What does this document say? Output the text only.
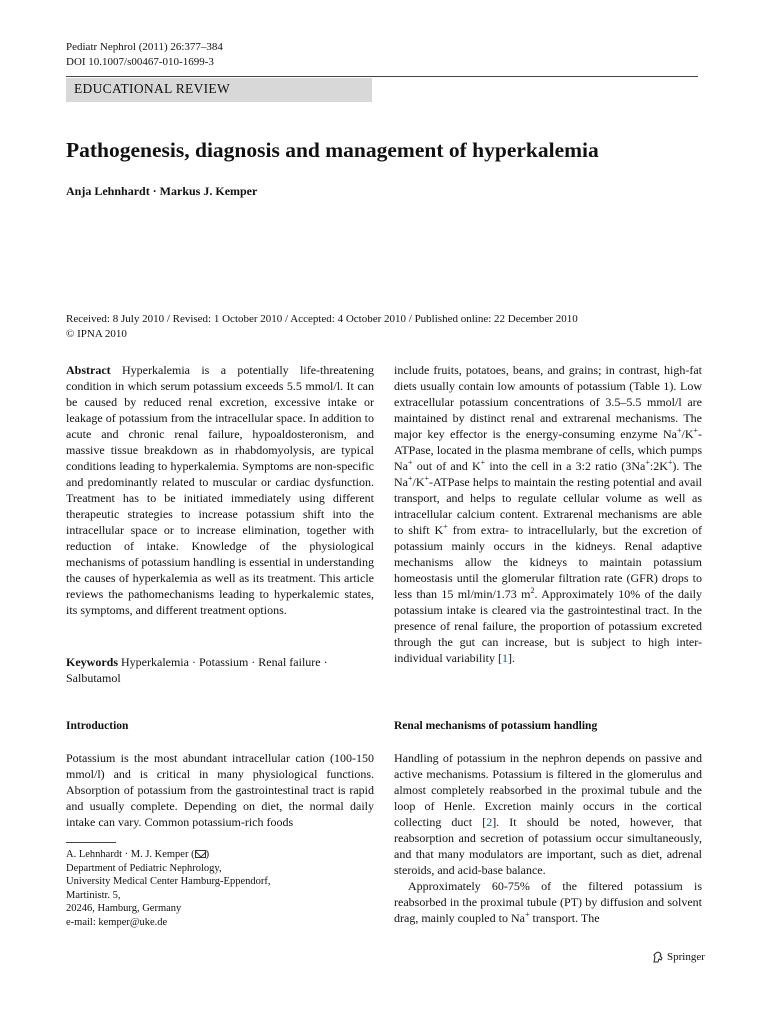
Pediatr Nephrol (2011) 26:377–384
DOI 10.1007/s00467-010-1699-3
EDUCATIONAL REVIEW
Pathogenesis, diagnosis and management of hyperkalemia
Anja Lehnhardt · Markus J. Kemper
Received: 8 July 2010 / Revised: 1 October 2010 / Accepted: 4 October 2010 / Published online: 22 December 2010
© IPNA 2010

Abstract Hyperkalemia is a potentially life-threatening condition in which serum potassium exceeds 5.5 mmol/l. It can be caused by reduced renal excretion, excessive intake or leakage of potassium from the intracellular space. In addition to acute and chronic renal failure, hypoaldosteronism, and massive tissue breakdown as in rhabdomyolysis, are typical conditions leading to hyperkalemia. Symptoms are non-specific and predominantly related to muscular or cardiac dysfunction. Treatment has to be initiated immediately using different therapeutic strategies to increase potassium shift into the intracellular space or to increase elimination, together with reduction of intake. Knowledge of the physiological mechanisms of potassium handling is essential in understanding the causes of hyperkalemia as well as its treatment. This article reviews the pathomechanisms leading to hyperkalemic states, its symptoms, and different treatment options.

Keywords Hyperkalemia · Potassium · Renal failure · Salbutamol

Introduction

Potassium is the most abundant intracellular cation (100-150 mmol/l) and is critical in many physiological functions. Absorption of potassium from the gastrointestinal tract is rapid and usually complete. Depending on diet, the normal daily intake can vary. Common potassium-rich foods

A. Lehnhardt · M. J. Kemper ( )
Department of Pediatric Nephrology,
University Medical Center Hamburg-Eppendorf,
Martinistr. 5,
20246, Hamburg, Germany
e-mail: kemper@uke.de

include fruits, potatoes, beans, and grains; in contrast, high-fat diets usually contain low amounts of potassium (Table 1). Low extracellular potassium concentrations of 3.5–5.5 mmol/l are maintained by distinct renal and extrarenal mechanisms. The major key effector is the energy-consuming enzyme Na+/K+-ATPase, located in the plasma membrane of cells, which pumps Na+ out of and K+ into the cell in a 3:2 ratio (3Na+:2K+). The Na+/K+-ATPase helps to maintain the resting potential and avail transport, and helps to regulate cellular volume as well as intracellular calcium content. Extrarenal mechanisms are able to shift K+ from extra- to intracellularly, but the excretion of potassium mainly occurs in the kidneys. Renal adaptive mechanisms allow the kidneys to maintain potassium homeostasis until the glomerular filtration rate (GFR) drops to less than 15 ml/min/1.73 $m^2$. Approximately 10% of the daily potassium intake is cleared via the gastrointestinal tract. In the presence of renal failure, the proportion of potassium excreted through the gut can increase, but is subject to high inter-individual variability [1].

Renal mechanisms of potassium handling

Handling of potassium in the nephron depends on passive and active mechanisms. Potassium is filtered in the glomerulus and almost completely reabsorbed in the proximal tubule and the loop of Henle. Excretion mainly occurs in the cortical collecting duct [2]. It should be noted, however, that reabsorption and secretion of potassium occur simultaneously, and that many modulators are important, such as diet, adrenal steroids, and acid-base balance.

Approximately 60-75% of the filtered potassium is reabsorbed in the proximal tubule (PT) by diffusion and solvent drag, mainly coupled to Na+ transport. The

Springer
